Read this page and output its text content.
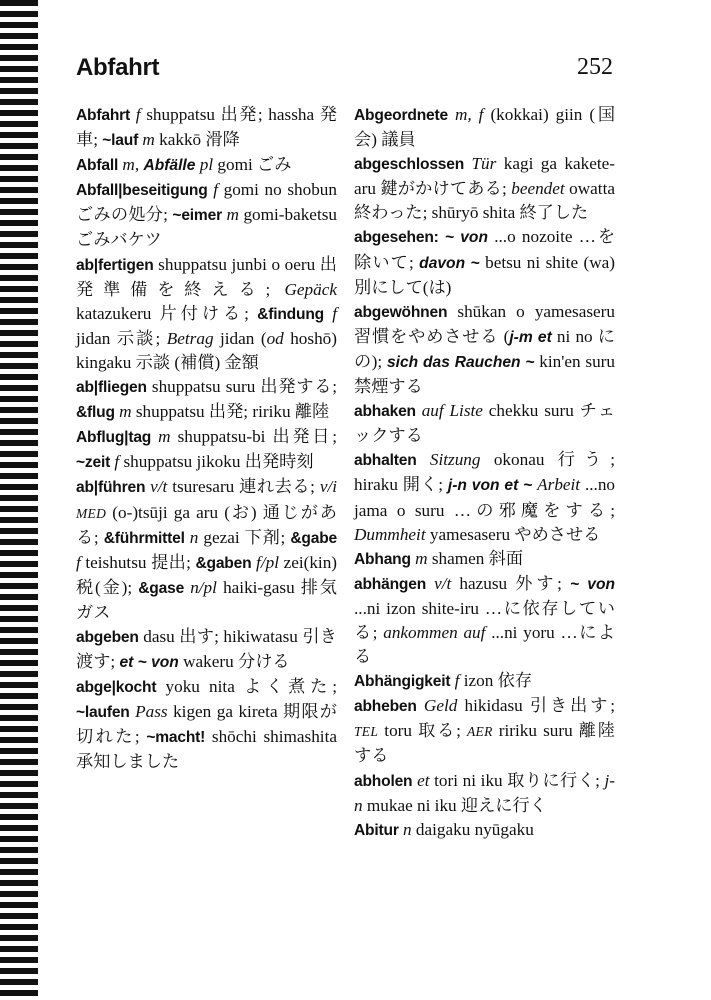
Abfahrt	252

Abfahrt f shuppatsu 出発; hassha 発車; ~lauf m kakkō 滑降

Abfall m, Abfälle pl gomi ごみ

Abfall|beseitigung f gomi no shobun ごみの処分; ~eimer m gomi-baketsu ごみバケツ

ab|fertigen shuppatsu junbi o oeru 出発準備を終える; Gepäck katazukeru 片付ける; &findung f jidan 示談; Betrag jidan (od hoshō) kingaku 示談 (補償) 金額

ab|fliegen shuppatsu suru 出発する; &flug m shuppatsu 出発; ririku 離陸

Abflug|tag m shuppatsu-bi 出発日; ~zeit f shuppatsu jikoku 出発時刻

ab|führen v/t tsuresaru 連れ去る; v/i MED (o-)tsūji ga aru (お) 通じがある; &führmittel n gezai 下剤; &gabe f teishutsu 提出; &gaben f/pl zei(kin) 税(金); &gase n/pl haiki-gasu 排気ガス

abgeben dasu 出す; hikiwatasu 引き渡す; et ~ von wakeru 分ける

abge|kocht yoku nita よく煮た; ~laufen Pass kigen ga kireta 期限が切れた; ~macht! shōchi shimashita 承知しました

Abgeordnete m, f (kokkai) giin (国会) 議員

abgeschlossen Tür kagi ga kakete-aru 鍵がかけてある; beendet owatta 終わった; shūryō shita 終了した

abgesehen: ~ von ...o nozoite …を除いて; davon ~ betsu ni shite (wa) 別にして(は)

abgewöhnen shūkan o yamesaseru 習慣をやめさせる (j-m et ni no にの); sich das Rauchen ~ kin'en suru 禁煙する

abhaken auf Liste chekku suru チェックする

abhalten Sitzung okonau 行う; hiraku 開く; j-n von et ~ Arbeit ...no jama o suru …の邪魔をする; Dummheit yamesaseru やめさせる

Abhang m shamen 斜面

abhängen v/t hazusu 外す; ~ von ...ni izon shite-iru …に依存している; ankommen auf ...ni yoru …による

Abhängigkeit f izon 依存

abheben Geld hikidasu 引き出す; TEL toru 取る; AER ririku suru 離陸する

abholen et tori ni iku 取りに行く; j-n mukae ni iku 迎えに行く

Abitur n daigaku nyūgaku
